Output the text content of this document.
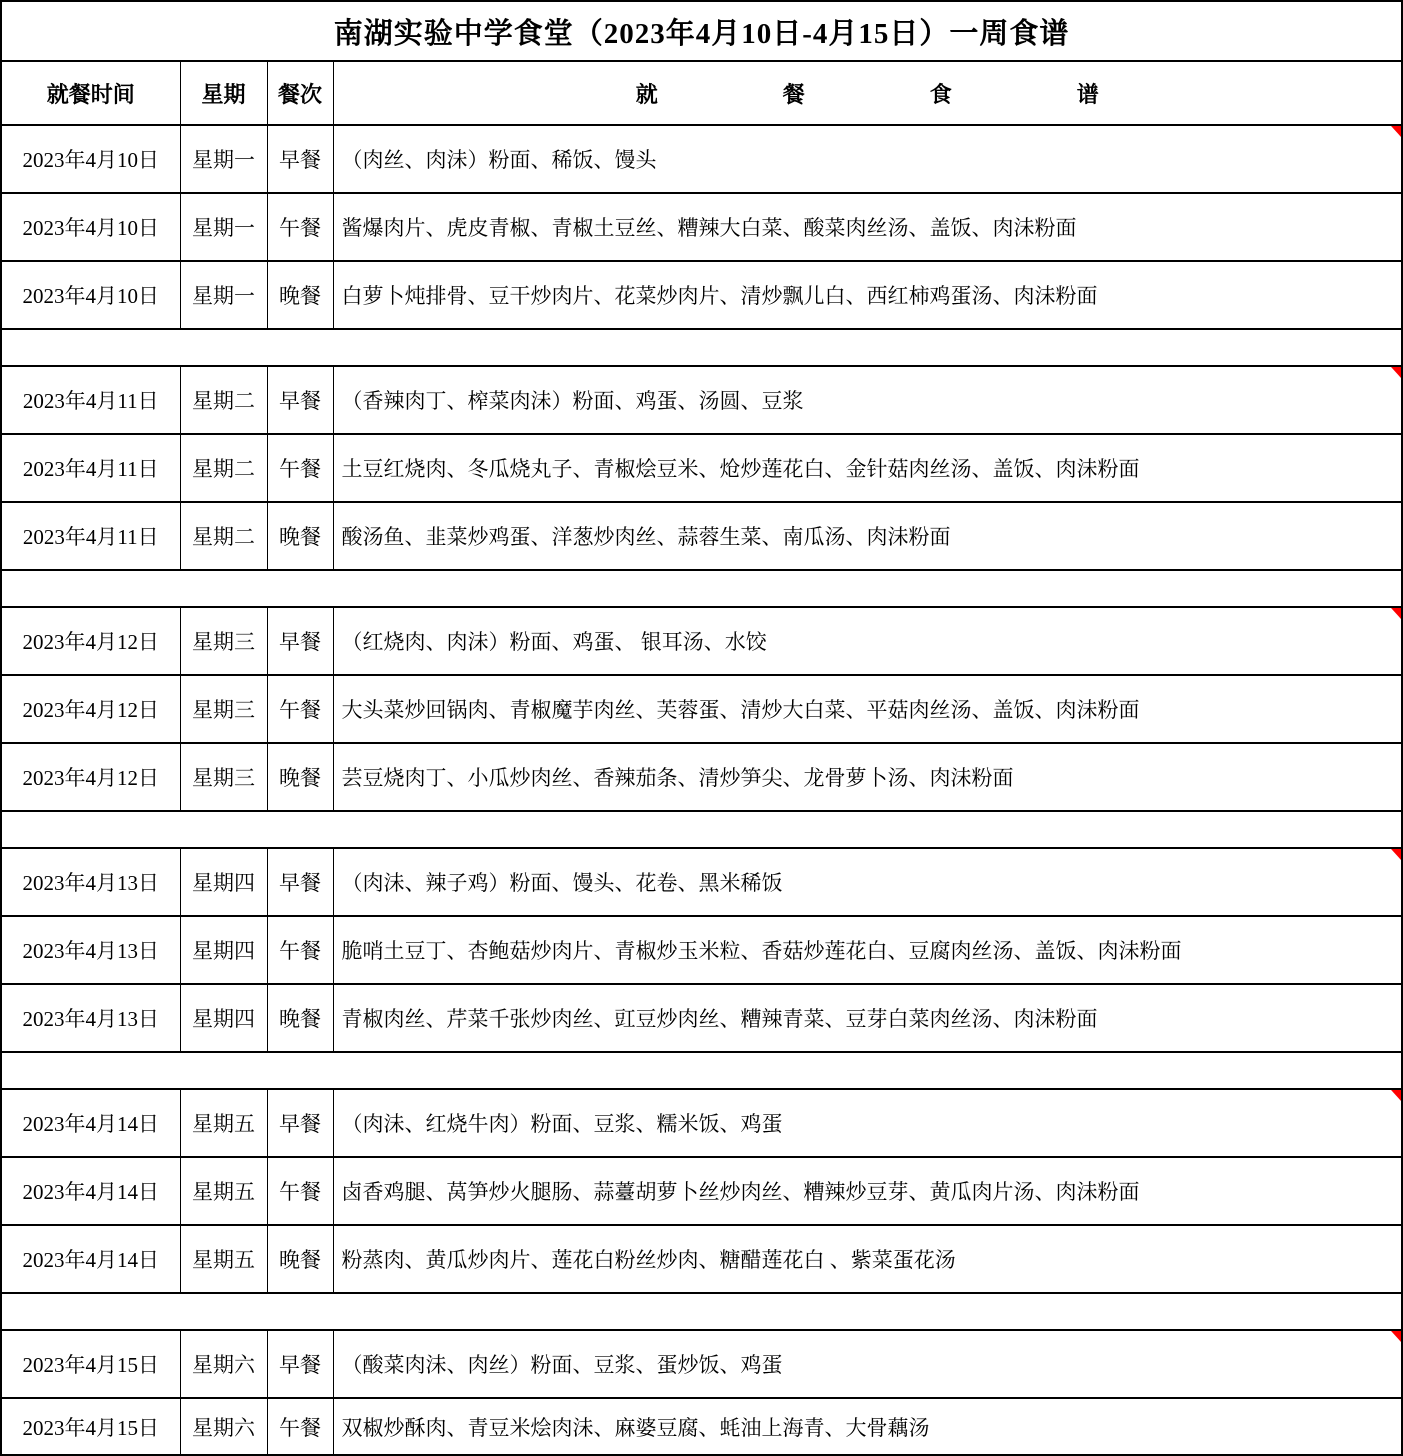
南湖实验中学食堂（2023年4月10日-4月15日）一周食谱			
就餐时间	星期	餐次	就 餐 食 谱

2023年4月10日	星期一	早餐	（肉丝、肉沬）粉面、稀饭、馒头
2023年4月10日	星期一	午餐	酱爆肉片、虎皮青椒、青椒土豆丝、糟辣大白菜、酸菜肉丝汤、盖饭、肉沬粉面
2023年4月10日	星期一	晚餐	白萝卜炖排骨、豆干炒肉片、花菜炒肉片、清炒飘儿白、西红柿鸡蛋汤、肉沬粉面

2023年4月11日	星期二	早餐	（香辣肉丁、榨菜肉沬）粉面、鸡蛋、汤圆、豆浆
2023年4月11日	星期二	午餐	土豆红烧肉、冬瓜烧丸子、青椒烩豆米、炝炒莲花白、金针菇肉丝汤、盖饭、肉沬粉面
2023年4月11日	星期二	晚餐	酸汤鱼、韭菜炒鸡蛋、洋葱炒肉丝、蒜蓉生菜、南瓜汤、肉沬粉面

2023年4月12日	星期三	早餐	（红烧肉、肉沬）粉面、鸡蛋、 银耳汤、水饺
2023年4月12日	星期三	午餐	大头菜炒回锅肉、青椒魔芋肉丝、芙蓉蛋、清炒大白菜、平菇肉丝汤、盖饭、肉沬粉面
2023年4月12日	星期三	晚餐	芸豆烧肉丁、小瓜炒肉丝、香辣茄条、清炒笋尖、龙骨萝卜汤、肉沬粉面

2023年4月13日	星期四	早餐	（肉沬、辣子鸡）粉面、馒头、花卷、黑米稀饭
2023年4月13日	星期四	午餐	脆哨土豆丁、杏鲍菇炒肉片、青椒炒玉米粒、香菇炒莲花白、豆腐肉丝汤、盖饭、肉沬粉面
2023年4月13日	星期四	晚餐	青椒肉丝、芹菜千张炒肉丝、豇豆炒肉丝、糟辣青菜、豆芽白菜肉丝汤、肉沬粉面

2023年4月14日	星期五	早餐	（肉沬、红烧牛肉）粉面、豆浆、糯米饭、鸡蛋
2023年4月14日	星期五	午餐	卤香鸡腿、莴笋炒火腿肠、蒜薹胡萝卜丝炒肉丝、糟辣炒豆芽、黄瓜肉片汤、肉沬粉面
2023年4月14日	星期五	晚餐	粉蒸肉、黄瓜炒肉片、莲花白粉丝炒肉、糖醋莲花白 、紫菜蛋花汤

2023年4月15日	星期六	早餐	（酸菜肉沬、肉丝）粉面、豆浆、蛋炒饭、鸡蛋
2023年4月15日	星期六	午餐	双椒炒酥肉、青豆米烩肉沬、麻婆豆腐、蚝油上海青、大骨藕汤
